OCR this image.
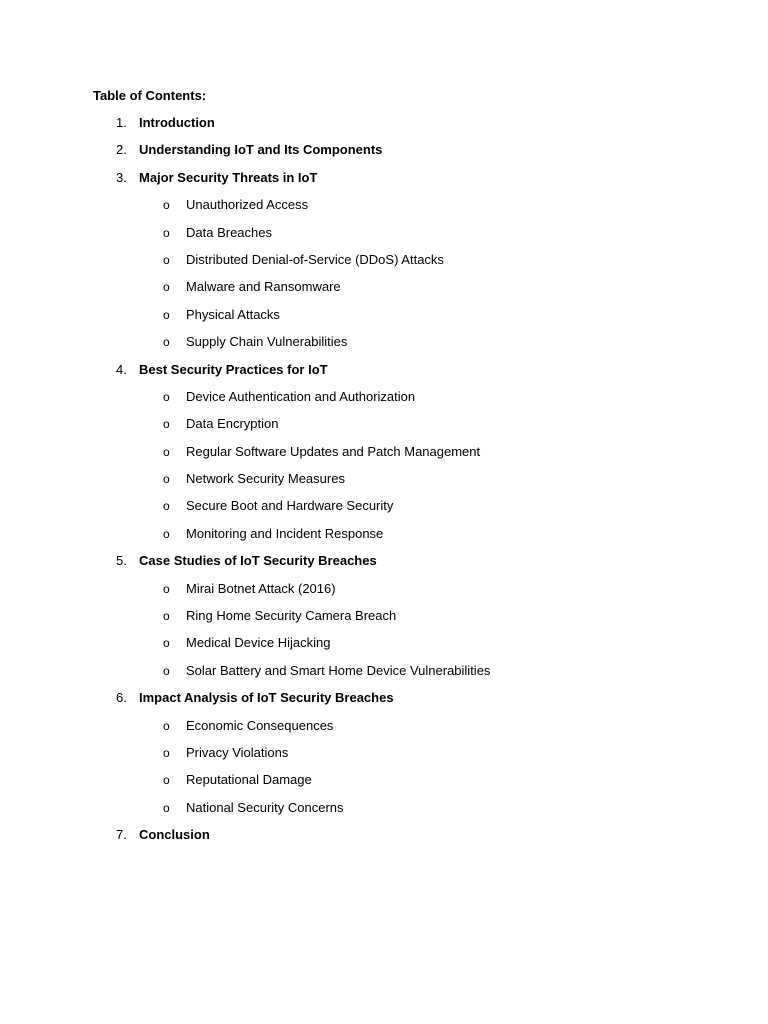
Table of Contents:
1. Introduction
2. Understanding IoT and Its Components
3. Major Security Threats in IoT
o Unauthorized Access
o Data Breaches
o Distributed Denial-of-Service (DDoS) Attacks
o Malware and Ransomware
o Physical Attacks
o Supply Chain Vulnerabilities
4. Best Security Practices for IoT
o Device Authentication and Authorization
o Data Encryption
o Regular Software Updates and Patch Management
o Network Security Measures
o Secure Boot and Hardware Security
o Monitoring and Incident Response
5. Case Studies of IoT Security Breaches
o Mirai Botnet Attack (2016)
o Ring Home Security Camera Breach
o Medical Device Hijacking
o Solar Battery and Smart Home Device Vulnerabilities
6. Impact Analysis of IoT Security Breaches
o Economic Consequences
o Privacy Violations
o Reputational Damage
o National Security Concerns
7. Conclusion
